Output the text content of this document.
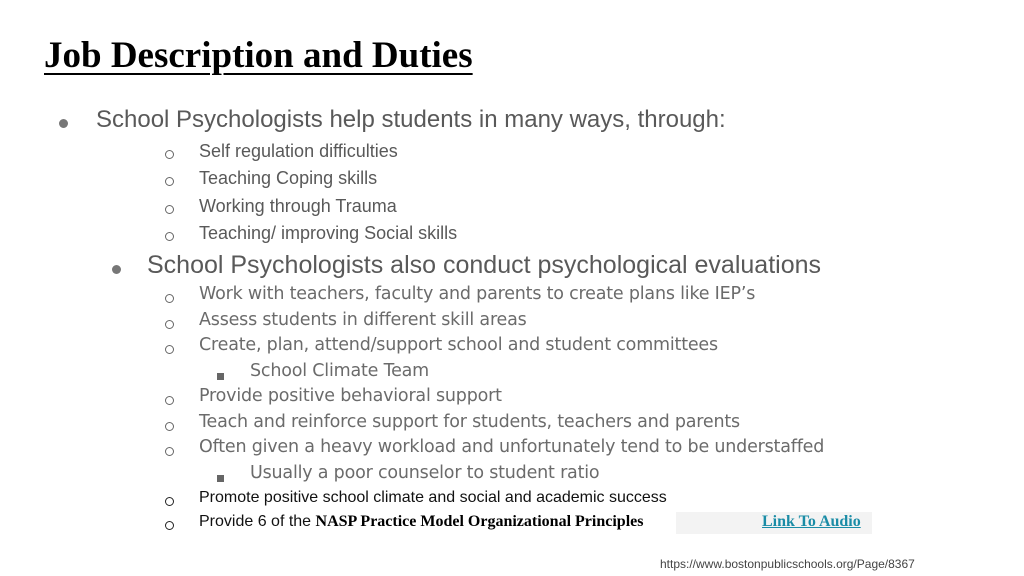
Job Description and Duties
School Psychologists help students in many ways, through:
Self regulation difficulties
Teaching Coping skills
Working through Trauma
Teaching/ improving Social skills
School Psychologists also conduct psychological evaluations
Work with teachers, faculty and parents to create plans like IEP’s
Assess students in different skill areas
Create, plan, attend/support school and student committees
School Climate Team
Provide positive behavioral support
Teach and reinforce support for students, teachers and parents
Often given a heavy workload and unfortunately tend to be understaffed
Usually a poor counselor to student ratio
Promote positive school climate and social and academic success
Provide 6 of the NASP Practice Model Organizational Principles	Link To Audio
https://www.bostonpublicschools.org/Page/8367
